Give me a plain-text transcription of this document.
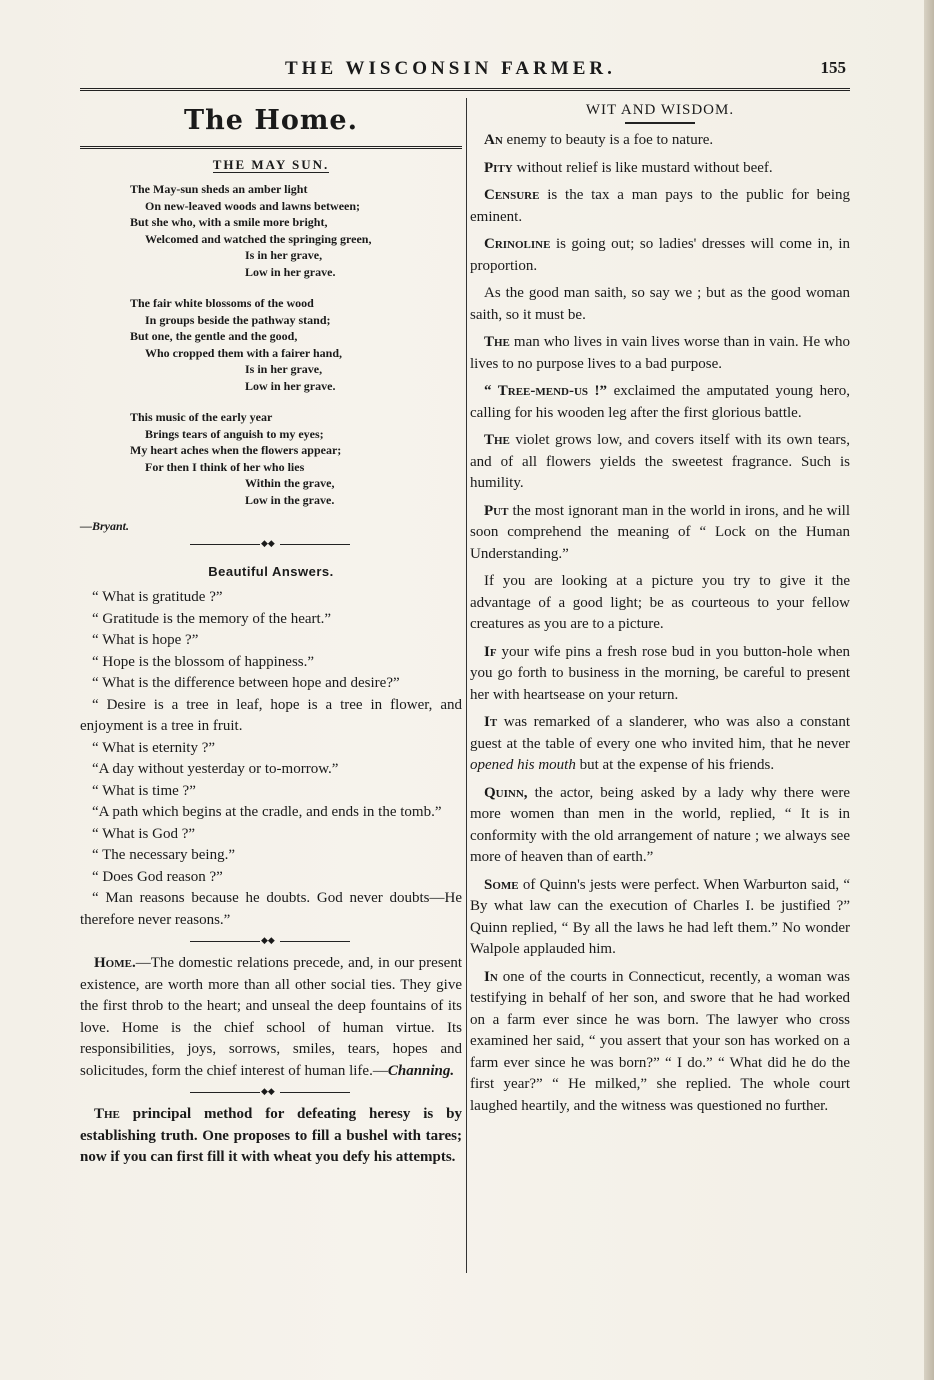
THE WISCONSIN FARMER.	155
The Home.
THE MAY SUN.
The May-sun sheds an amber light
On new-leaved woods and lawns between;
But she who, with a smile more bright,
Welcomed and watched the springing green,
Is in her grave,
Low in her grave.
The fair white blossoms of the wood
In groups beside the pathway stand;
But one, the gentle and the good,
Who cropped them with a fairer hand,
Is in her grave,
Low in her grave.
This music of the early year
Brings tears of anguish to my eyes;
My heart aches when the flowers appear;
For then I think of her who lies
Within the grave,
Low in the grave.
—Bryant.
◆◆
Beautiful Answers.

“ What is gratitude ?”

“ Gratitude is the memory of the heart.”

“ What is hope ?”

“ Hope is the blossom of happiness.”

“ What is the difference between hope and desire?”

“ Desire is a tree in leaf, hope is a tree in flower, and enjoyment is a tree in fruit.

“ What is eternity ?”

“A day without yesterday or to-morrow.”

“ What is time ?”

“A path which begins at the cradle, and ends in the tomb.”

“ What is God ?”

“ The necessary being.”

“ Does God reason ?”

“ Man reasons because he doubts. God never doubts—He therefore never reasons.”

◆◆

Home.—The domestic relations precede, and, in our present existence, are worth more than all other social ties. They give the first throb to the heart; and unseal the deep fountains of its love. Home is the chief school of human virtue. Its responsibilities, joys, sorrows, smiles, tears, hopes and solicitudes, form the chief interest of human life.—Channing.

◆◆

The principal method for defeating heresy is by establishing truth. One proposes to fill a bushel with tares; now if you can first fill it with wheat you defy his attempts.

WIT AND WISDOM.

An enemy to beauty is a foe to nature.

Pity without relief is like mustard without beef.

Censure is the tax a man pays to the public for being eminent.

Crinoline is going out; so ladies' dresses will come in, in proportion.

As the good man saith, so say we ; but as the good woman saith, so it must be.

The man who lives in vain lives worse than in vain. He who lives to no purpose lives to a bad purpose.

“ Tree-mend-us !” exclaimed the amputated young hero, calling for his wooden leg after the first glorious battle.

The violet grows low, and covers itself with its own tears, and of all flowers yields the sweetest fragrance. Such is humility.

Put the most ignorant man in the world in irons, and he will soon comprehend the meaning of “ Lock on the Human Understanding.”

If you are looking at a picture you try to give it the advantage of a good light; be as courteous to your fellow creatures as you are to a picture.

If your wife pins a fresh rose bud in you button-hole when you go forth to business in the morning, be careful to present her with heartsease on your return.

It was remarked of a slanderer, who was also a constant guest at the table of every one who invited him, that he never opened his mouth but at the expense of his friends.

Quinn, the actor, being asked by a lady why there were more women than men in the world, replied, “ It is in conformity with the old arrangement of nature ; we always see more of heaven than of earth.”

Some of Quinn's jests were perfect. When Warburton said, “ By what law can the execution of Charles I. be justified ?” Quinn replied, “ By all the laws he had left them.” No wonder Walpole applauded him.

In one of the courts in Connecticut, recently, a woman was testifying in behalf of her son, and swore that he had worked on a farm ever since he was born. The lawyer who cross examined her said, “ you assert that your son has worked on a farm ever since he was born?” “ I do.” “ What did he do the first year?” “ He milked,” she replied. The whole court laughed heartily, and the witness was questioned no further.
